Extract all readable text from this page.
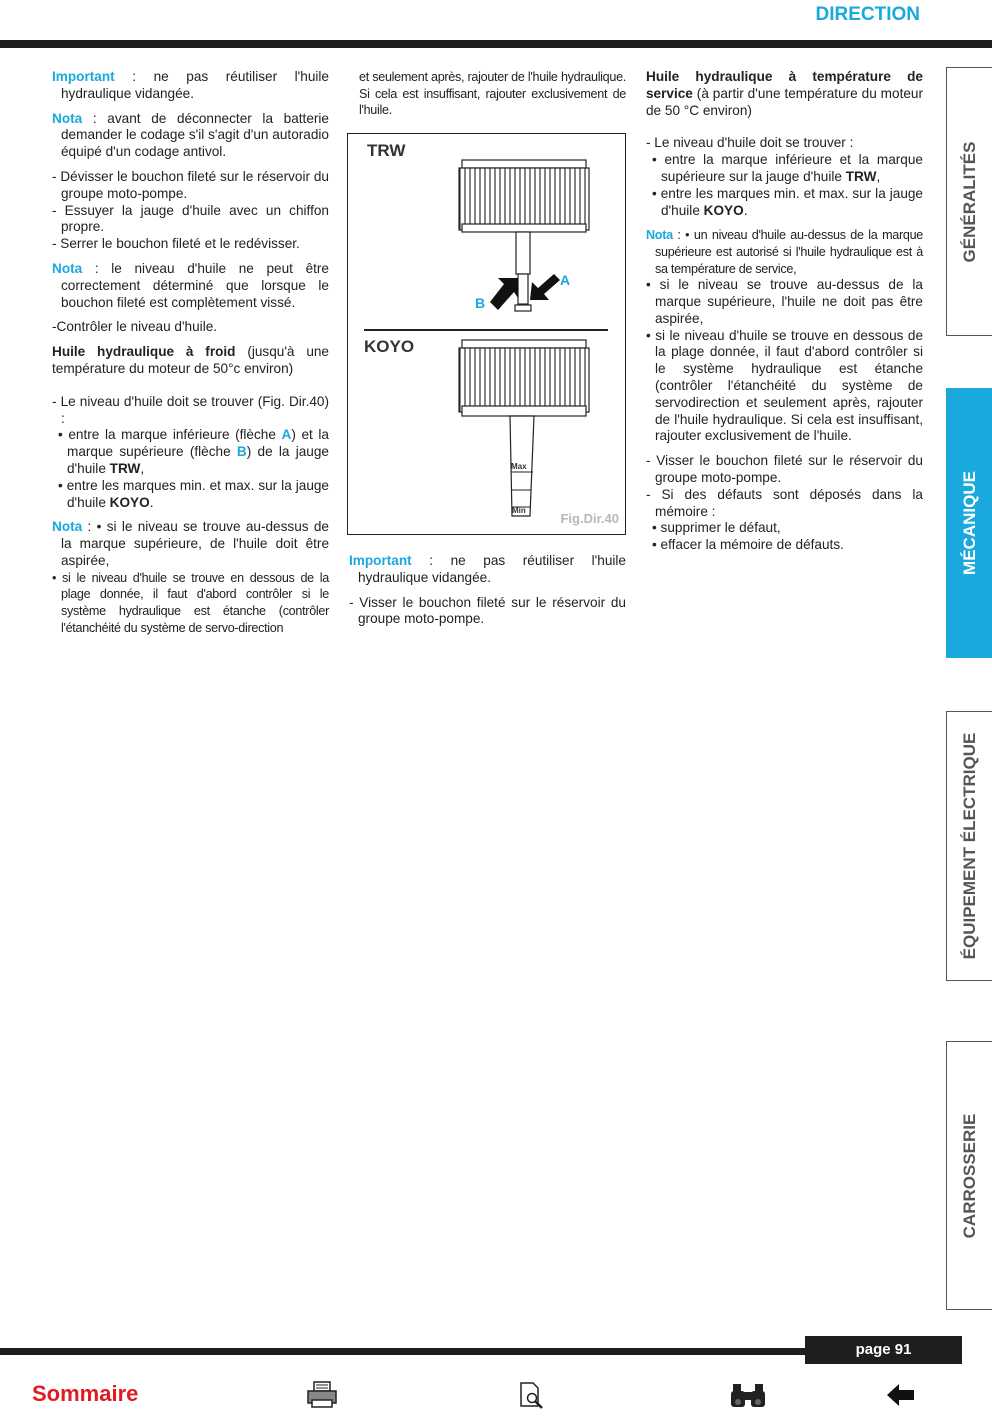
DIRECTION

Important : ne pas réutiliser l'huile hydraulique vidangée.

Nota : avant de déconnecter la batterie demander le codage s'il s'agit d'un autoradio équipé d'un codage antivol.

- Dévisser le bouchon fileté sur le réservoir du groupe moto-pompe.
- Essuyer la jauge d'huile avec un chiffon propre.

- Serrer le bouchon fileté et le redévisser.

Nota : le niveau d'huile ne peut être correctement déterminé que lorsque le bouchon fileté est complètement vissé.

-Contrôler le niveau d'huile.

Huile hydraulique à froid (jusqu'à une température du moteur de 50°c environ)

- Le niveau d'huile doit se trouver (Fig. Dir.40) :
• entre la marque inférieure (flèche A) et la marque supérieure (flèche B) de la jauge d'huile TRW,

• entre les marques min. et max. sur la jauge d'huile KOYO.

Nota : • si le niveau se trouve au-dessus de la marque supérieure, de l'huile doit être aspirée,
• si le niveau d'huile se trouve en dessous de la plage donnée, il faut d'abord contrôler si le système hydraulique est étanche (contrôler l'étanchéité du système de servo-direction
et seulement après, rajouter de l'huile hydraulique. Si cela est insuffisant, rajouter exclusivement de l'huile.
TRW
KOYO
A
B
Max
Min
Fig.Dir.40

Important : ne pas réutiliser l'huile hydraulique vidangée.

- Visser le bouchon fileté sur le réservoir du groupe moto-pompe.

Huile hydraulique à température de service (à partir d'une température du moteur de 50 °C environ)

- Le niveau d'huile doit se trouver :
• entre la marque inférieure et la marque supérieure sur la jauge d'huile TRW,

• entre les marques min. et max. sur la jauge d'huile KOYO.

Nota : • un niveau d'huile au-dessus de la marque supérieure est autorisé si l'huile hydraulique est à sa température de service,
• si le niveau se trouve au-dessus de la marque supérieure, l'huile ne doit pas être aspirée,

• si le niveau d'huile se trouve en dessous de la plage donnée, il faut d'abord contrôler si le système hydraulique est étanche (contrôler l'étanchéité du système de servodirection et seulement après, rajouter de l'huile hydraulique. Si cela est insuffisant, rajouter exclusivement de l'huile.

- Visser le bouchon fileté sur le réservoir du groupe moto-pompe.
- Si des défauts sont déposés dans la mémoire :
• supprimer le défaut,
• effacer la mémoire de défauts.
GÉNÉRALITÉS
MÉCANIQUE
ÉQUIPEMENT ÉLECTRIQUE
CARROSSERIE
page 91
Sommaire
